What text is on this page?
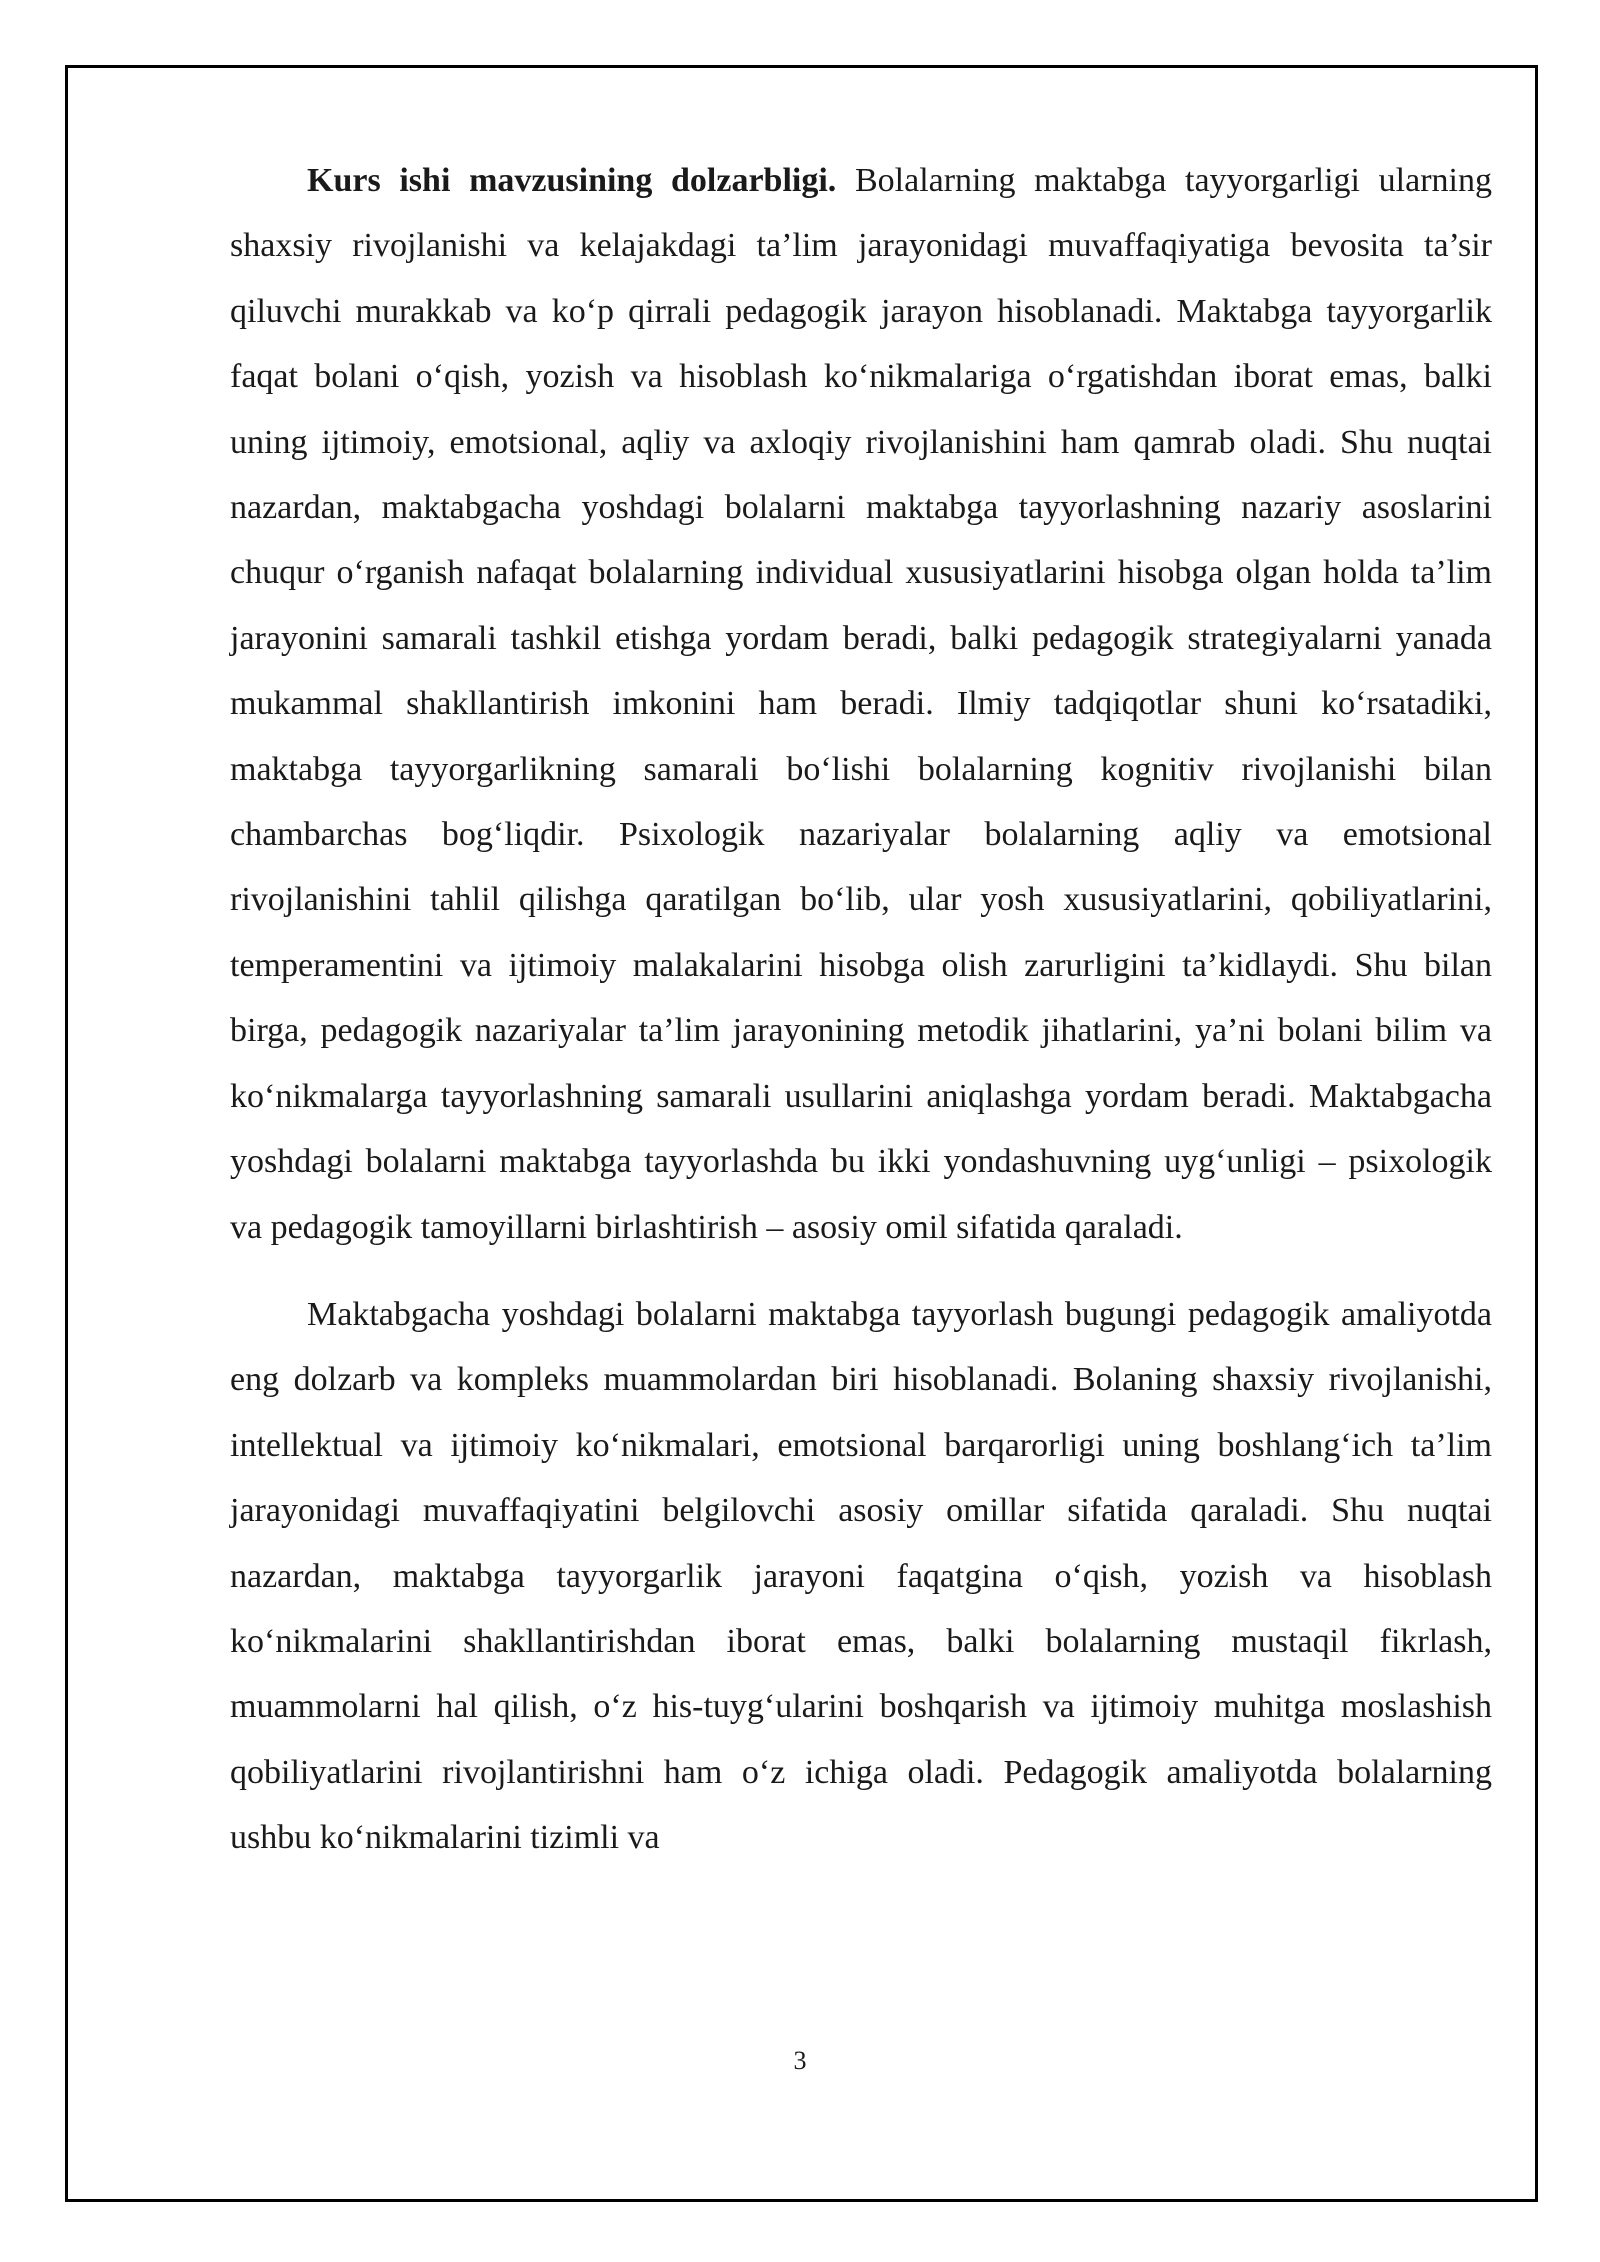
Kurs ishi mavzusining dolzarbligi. Bolalarning maktabga tayyorgarligi ularning shaxsiy rivojlanishi va kelajakdagi ta’lim jarayonidagi muvaffaqiyatiga bevosita ta’sir qiluvchi murakkab va ko‘p qirrali pedagogik jarayon hisoblanadi. Maktabga tayyorgarlik faqat bolani o‘qish, yozish va hisoblash ko‘nikmalariga o‘rgatishdan iborat emas, balki uning ijtimoiy, emotsional, aqliy va axloqiy rivojlanishini ham qamrab oladi. Shu nuqtai nazardan, maktabgacha yoshdagi bolalarni maktabga tayyorlashning nazariy asoslarini chuqur o‘rganish nafaqat bolalarning individual xususiyatlarini hisobga olgan holda ta’lim jarayonini samarali tashkil etishga yordam beradi, balki pedagogik strategiyalarni yanada mukammal shakllantirish imkonini ham beradi. Ilmiy tadqiqotlar shuni ko‘rsatadiki, maktabga tayyorgarlikning samarali bo‘lishi bolalarning kognitiv rivojlanishi bilan chambarchas bog‘liqdir. Psixologik nazariyalar bolalarning aqliy va emotsional rivojlanishini tahlil qilishga qaratilgan bo‘lib, ular yosh xususiyatlarini, qobiliyatlarini, temperamentini va ijtimoiy malakalarini hisobga olish zarurligini ta’kidlaydi. Shu bilan birga, pedagogik nazariyalar ta’lim jarayonining metodik jihatlarini, ya’ni bolani bilim va ko‘nikmalarga tayyorlashning samarali usullarini aniqlashga yordam beradi. Maktabgacha yoshdagi bolalarni maktabga tayyorlashda bu ikki yondashuvning uyg‘unligi – psixologik va pedagogik tamoyillarni birlashtirish – asosiy omil sifatida qaraladi.

Maktabgacha yoshdagi bolalarni maktabga tayyorlash bugungi pedagogik amaliyotda eng dolzarb va kompleks muammolardan biri hisoblanadi. Bolaning shaxsiy rivojlanishi, intellektual va ijtimoiy ko‘nikmalari, emotsional barqarorligi uning boshlang‘ich ta’lim jarayonidagi muvaffaqiyatini belgilovchi asosiy omillar sifatida qaraladi. Shu nuqtai nazardan, maktabga tayyorgarlik jarayoni faqatgina o‘qish, yozish va hisoblash ko‘nikmalarini shakllantirishdan iborat emas, balki bolalarning mustaqil fikrlash, muammolarni hal qilish, o‘z his-tuyg‘ularini boshqarish va ijtimoiy muhitga moslashish qobiliyatlarini rivojlantirishni ham o‘z ichiga oladi. Pedagogik amaliyotda bolalarning ushbu ko‘nikmalarini tizimli va

3
